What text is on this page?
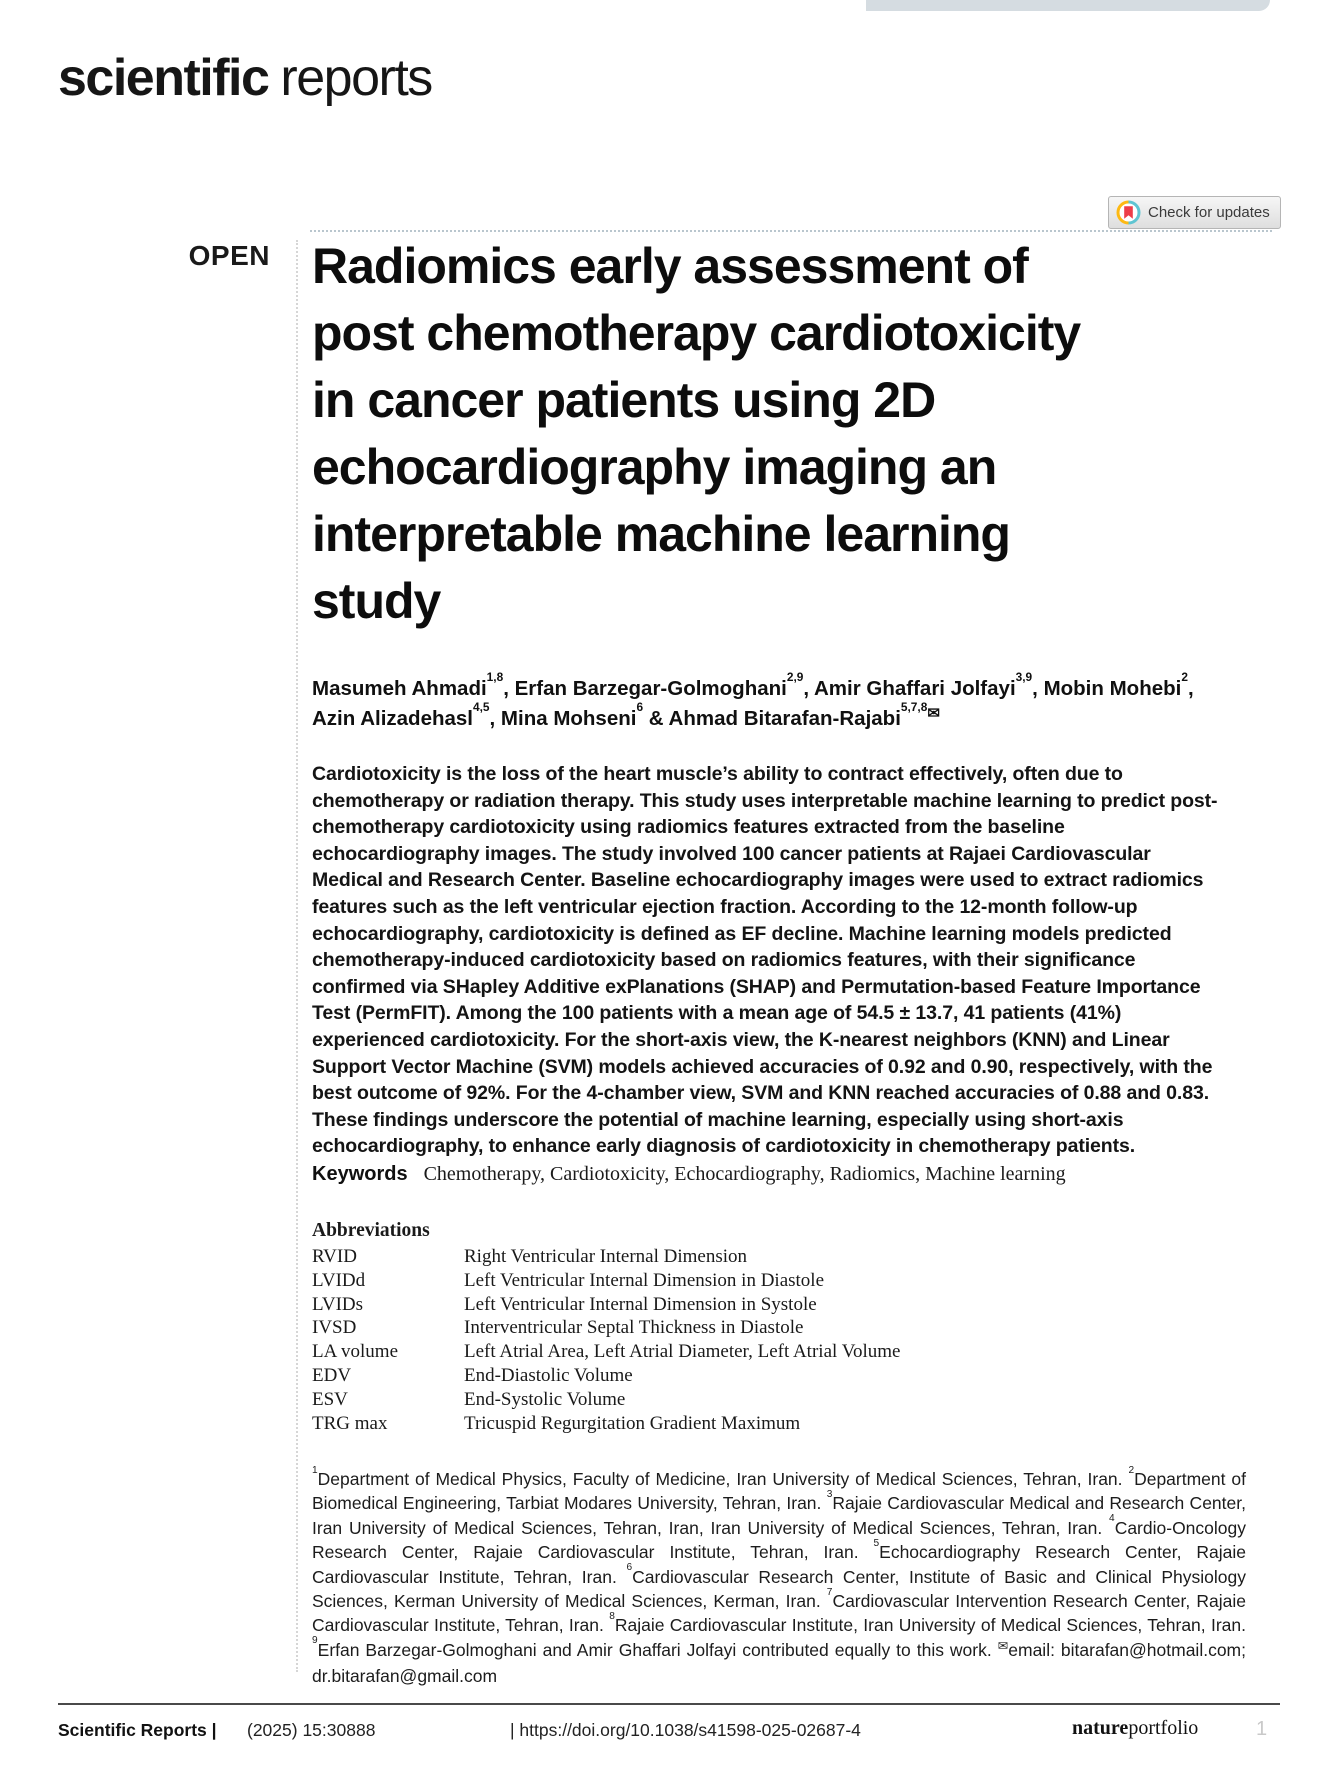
scientific reports
Check for updates
OPEN Radiomics early assessment of
post chemotherapy cardiotoxicity
in cancer patients using 2D
echocardiography imaging an
interpretable machine learning
study
Masumeh Ahmadi$^{1,8}$, Erfan Barzegar-Golmoghani$^{2,9}$, Amir Ghaffari Jolfayi$^{3,9}$, Mobin Mohebi$^2$, Azin Alizadehasl$^{4,5}$, Mina Mohseni$^6$ & Ahmad Bitarafan-Rajabi$^{5,7,8✉}$

Cardiotoxicity is the loss of the heart muscle’s ability to contract effectively, often due to chemotherapy or radiation therapy. This study uses interpretable machine learning to predict post-chemotherapy cardiotoxicity using radiomics features extracted from the baseline echocardiography images. The study involved 100 cancer patients at Rajaei Cardiovascular Medical and Research Center. Baseline echocardiography images were used to extract radiomics features such as the left ventricular ejection fraction. According to the 12-month follow-up echocardiography, cardiotoxicity is defined as EF decline. Machine learning models predicted chemotherapy-induced cardiotoxicity based on radiomics features, with their significance confirmed via SHapley Additive exPlanations (SHAP) and Permutation-based Feature Importance Test (PermFIT). Among the 100 patients with a mean age of 54.5 ± 13.7, 41 patients (41%) experienced cardiotoxicity. For the short-axis view, the K-nearest neighbors (KNN) and Linear Support Vector Machine (SVM) models achieved accuracies of 0.92 and 0.90, respectively, with the best outcome of 92%. For the 4-chamber view, SVM and KNN reached accuracies of 0.88 and 0.83. These findings underscore the potential of machine learning, especially using short-axis echocardiography, to enhance early diagnosis of cardiotoxicity in chemotherapy patients.

Keywords Chemotherapy, Cardiotoxicity, Echocardiography, Radiomics, Machine learning
Abbreviations
RVID	Right Ventricular Internal Dimension
LVIDd	Left Ventricular Internal Dimension in Diastole
LVIDs	Left Ventricular Internal Dimension in Systole
IVSD	Interventricular Septal Thickness in Diastole
LA volume	Left Atrial Area, Left Atrial Diameter, Left Atrial Volume
EDV	End-Diastolic Volume
ESV	End-Systolic Volume
TRG max	Tricuspid Regurgitation Gradient Maximum
$^1$Department of Medical Physics, Faculty of Medicine, Iran University of Medical Sciences, Tehran, Iran. $^2$Department of Biomedical Engineering, Tarbiat Modares University, Tehran, Iran. $^3$Rajaie Cardiovascular Medical and Research Center, Iran University of Medical Sciences, Tehran, Iran, Iran University of Medical Sciences, Tehran, Iran. $^4$Cardio-Oncology Research Center, Rajaie Cardiovascular Institute, Tehran, Iran. $^5$Echocardiography Research Center, Rajaie Cardiovascular Institute, Tehran, Iran. $^6$Cardiovascular Research Center, Institute of Basic and Clinical Physiology Sciences, Kerman University of Medical Sciences, Kerman, Iran. $^7$Cardiovascular Intervention Research Center, Rajaie Cardiovascular Institute, Tehran, Iran. $^8$Rajaie Cardiovascular Institute, Iran University of Medical Sciences, Tehran, Iran. $^9$Erfan Barzegar-Golmoghani and Amir Ghaffari Jolfayi contributed equally to this work. ✉email: bitarafan@hotmail.com; dr.bitarafan@gmail.com
Scientific Reports | (2025) 15:30888	| https://doi.org/10.1038/s41598-025-02687-4	natureportfolio	1
